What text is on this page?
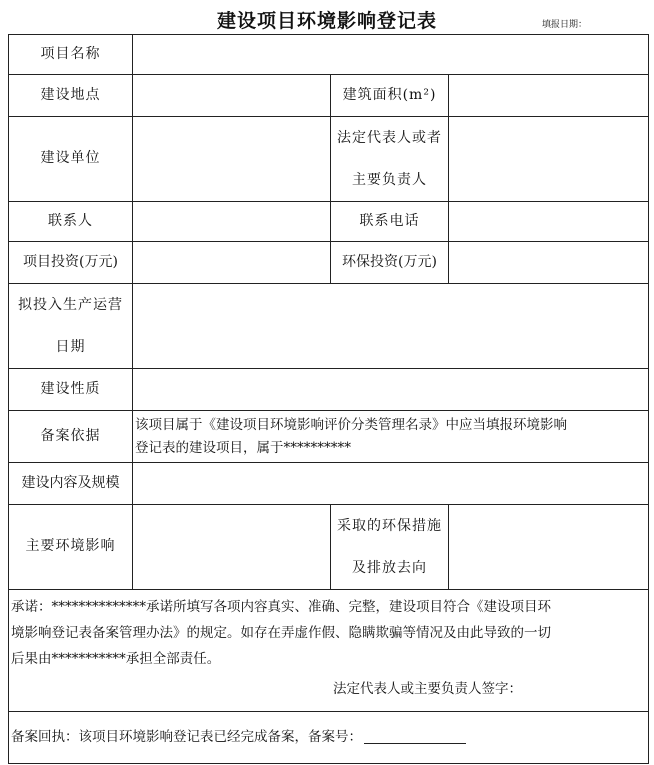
建设项目环境影响登记表	填报日期：
项目名称			
建设地点		建筑面积(m²)	
建设单位		法定代表人或者
主要负责人	

联系人		联系电话	
项目投资(万元)		环保投资(万元)	

拟投入生产运营
日期			

建设性质			
备案依据	该项目属于《建设项目环境影响评价分类管理名录》中应当填报环境影响
登记表的建设项目，属于**********		

建设内容及规模			
主要环境影响		采取的环保措施
及排放去向	

承诺：**************承诺所填写各项内容真实、准确、完整，建设项目符合《建设项目环
境影响登记表备案管理办法》的规定。如存在弄虚作假、隐瞒欺骗等情况及由此导致的一切
后果由***********承担全部责任。
法定代表人或主要负责人签字：			

备案回执：该项目环境影响登记表已经完成备案，备案号：			
